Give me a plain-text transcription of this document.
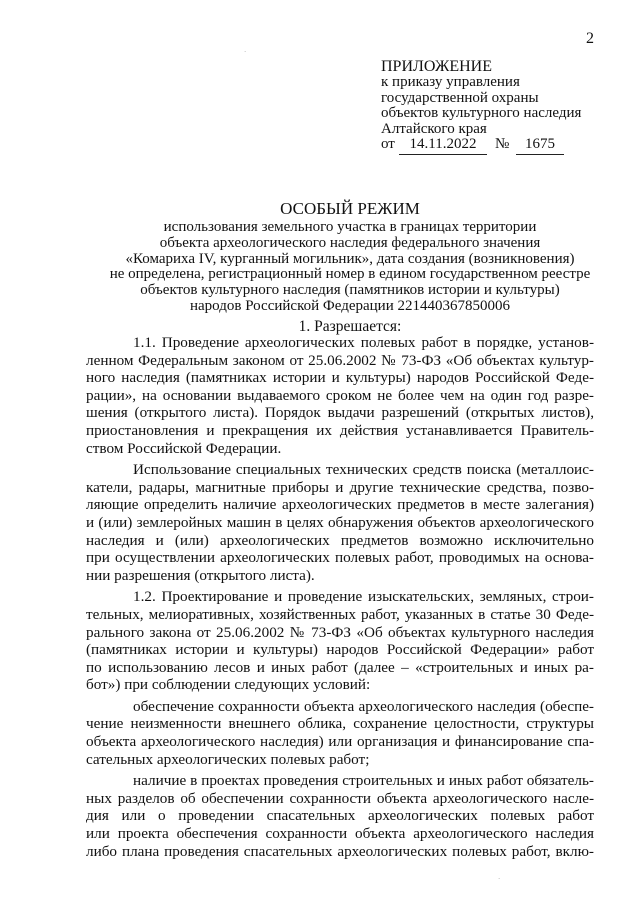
2
ПРИЛОЖЕНИЕ
к приказу управления
государственной охраны
объектов культурного наследия
Алтайского края
от 14.11.2022	№	1675
ОСОБЫЙ РЕЖИМ
использования земельного участка в границах территории
объекта археологического наследия федерального значения
«Комариха IV, курганный могильник», дата создания (возникновения)
не определена, регистрационный номер в едином государственном реестре
объектов культурного наследия (памятников истории и культуры)
народов Российской Федерации 221440367850006
1. Разрешается:
1.1. Проведение археологических полевых работ в порядке, установ-
ленном Федеральным законом от 25.06.2002 № 73-ФЗ «Об объектах культур-
ного наследия (памятниках истории и культуры) народов Российской Феде-
рации», на основании выдаваемого сроком не более чем на один год разре-
шения (открытого листа). Порядок выдачи разрешений (открытых листов),
приостановления и прекращения их действия устанавливается Правитель-
ством Российской Федерации.
Использование специальных технических средств поиска (металлоис-
катели, радары, магнитные приборы и другие технические средства, позво-
ляющие определить наличие археологических предметов в месте залегания)
и (или) землеройных машин в целях обнаружения объектов археологического
наследия и (или) археологических предметов возможно исключительно
при осуществлении археологических полевых работ, проводимых на основа-
нии разрешения (открытого листа).
1.2. Проектирование и проведение изыскательских, земляных, строи-
тельных, мелиоративных, хозяйственных работ, указанных в статье 30 Феде-
рального закона от 25.06.2002 № 73-ФЗ «Об объектах культурного наследия
(памятниках истории и культуры) народов Российской Федерации» работ
по использованию лесов и иных работ (далее – «строительных и иных ра-
бот») при соблюдении следующих условий:
обеспечение сохранности объекта археологического наследия (обеспе-
чение неизменности внешнего облика, сохранение целостности, структуры
объекта археологического наследия) или организация и финансирование спа-
сательных археологических полевых работ;
наличие в проектах проведения строительных и иных работ обязатель-
ных разделов об обеспечении сохранности объекта археологического насле-
дия или о проведении спасательных археологических полевых работ
или проекта обеспечения сохранности объекта археологического наследия
либо плана проведения спасательных археологических полевых работ, вклю-
ˑ
ˑ
